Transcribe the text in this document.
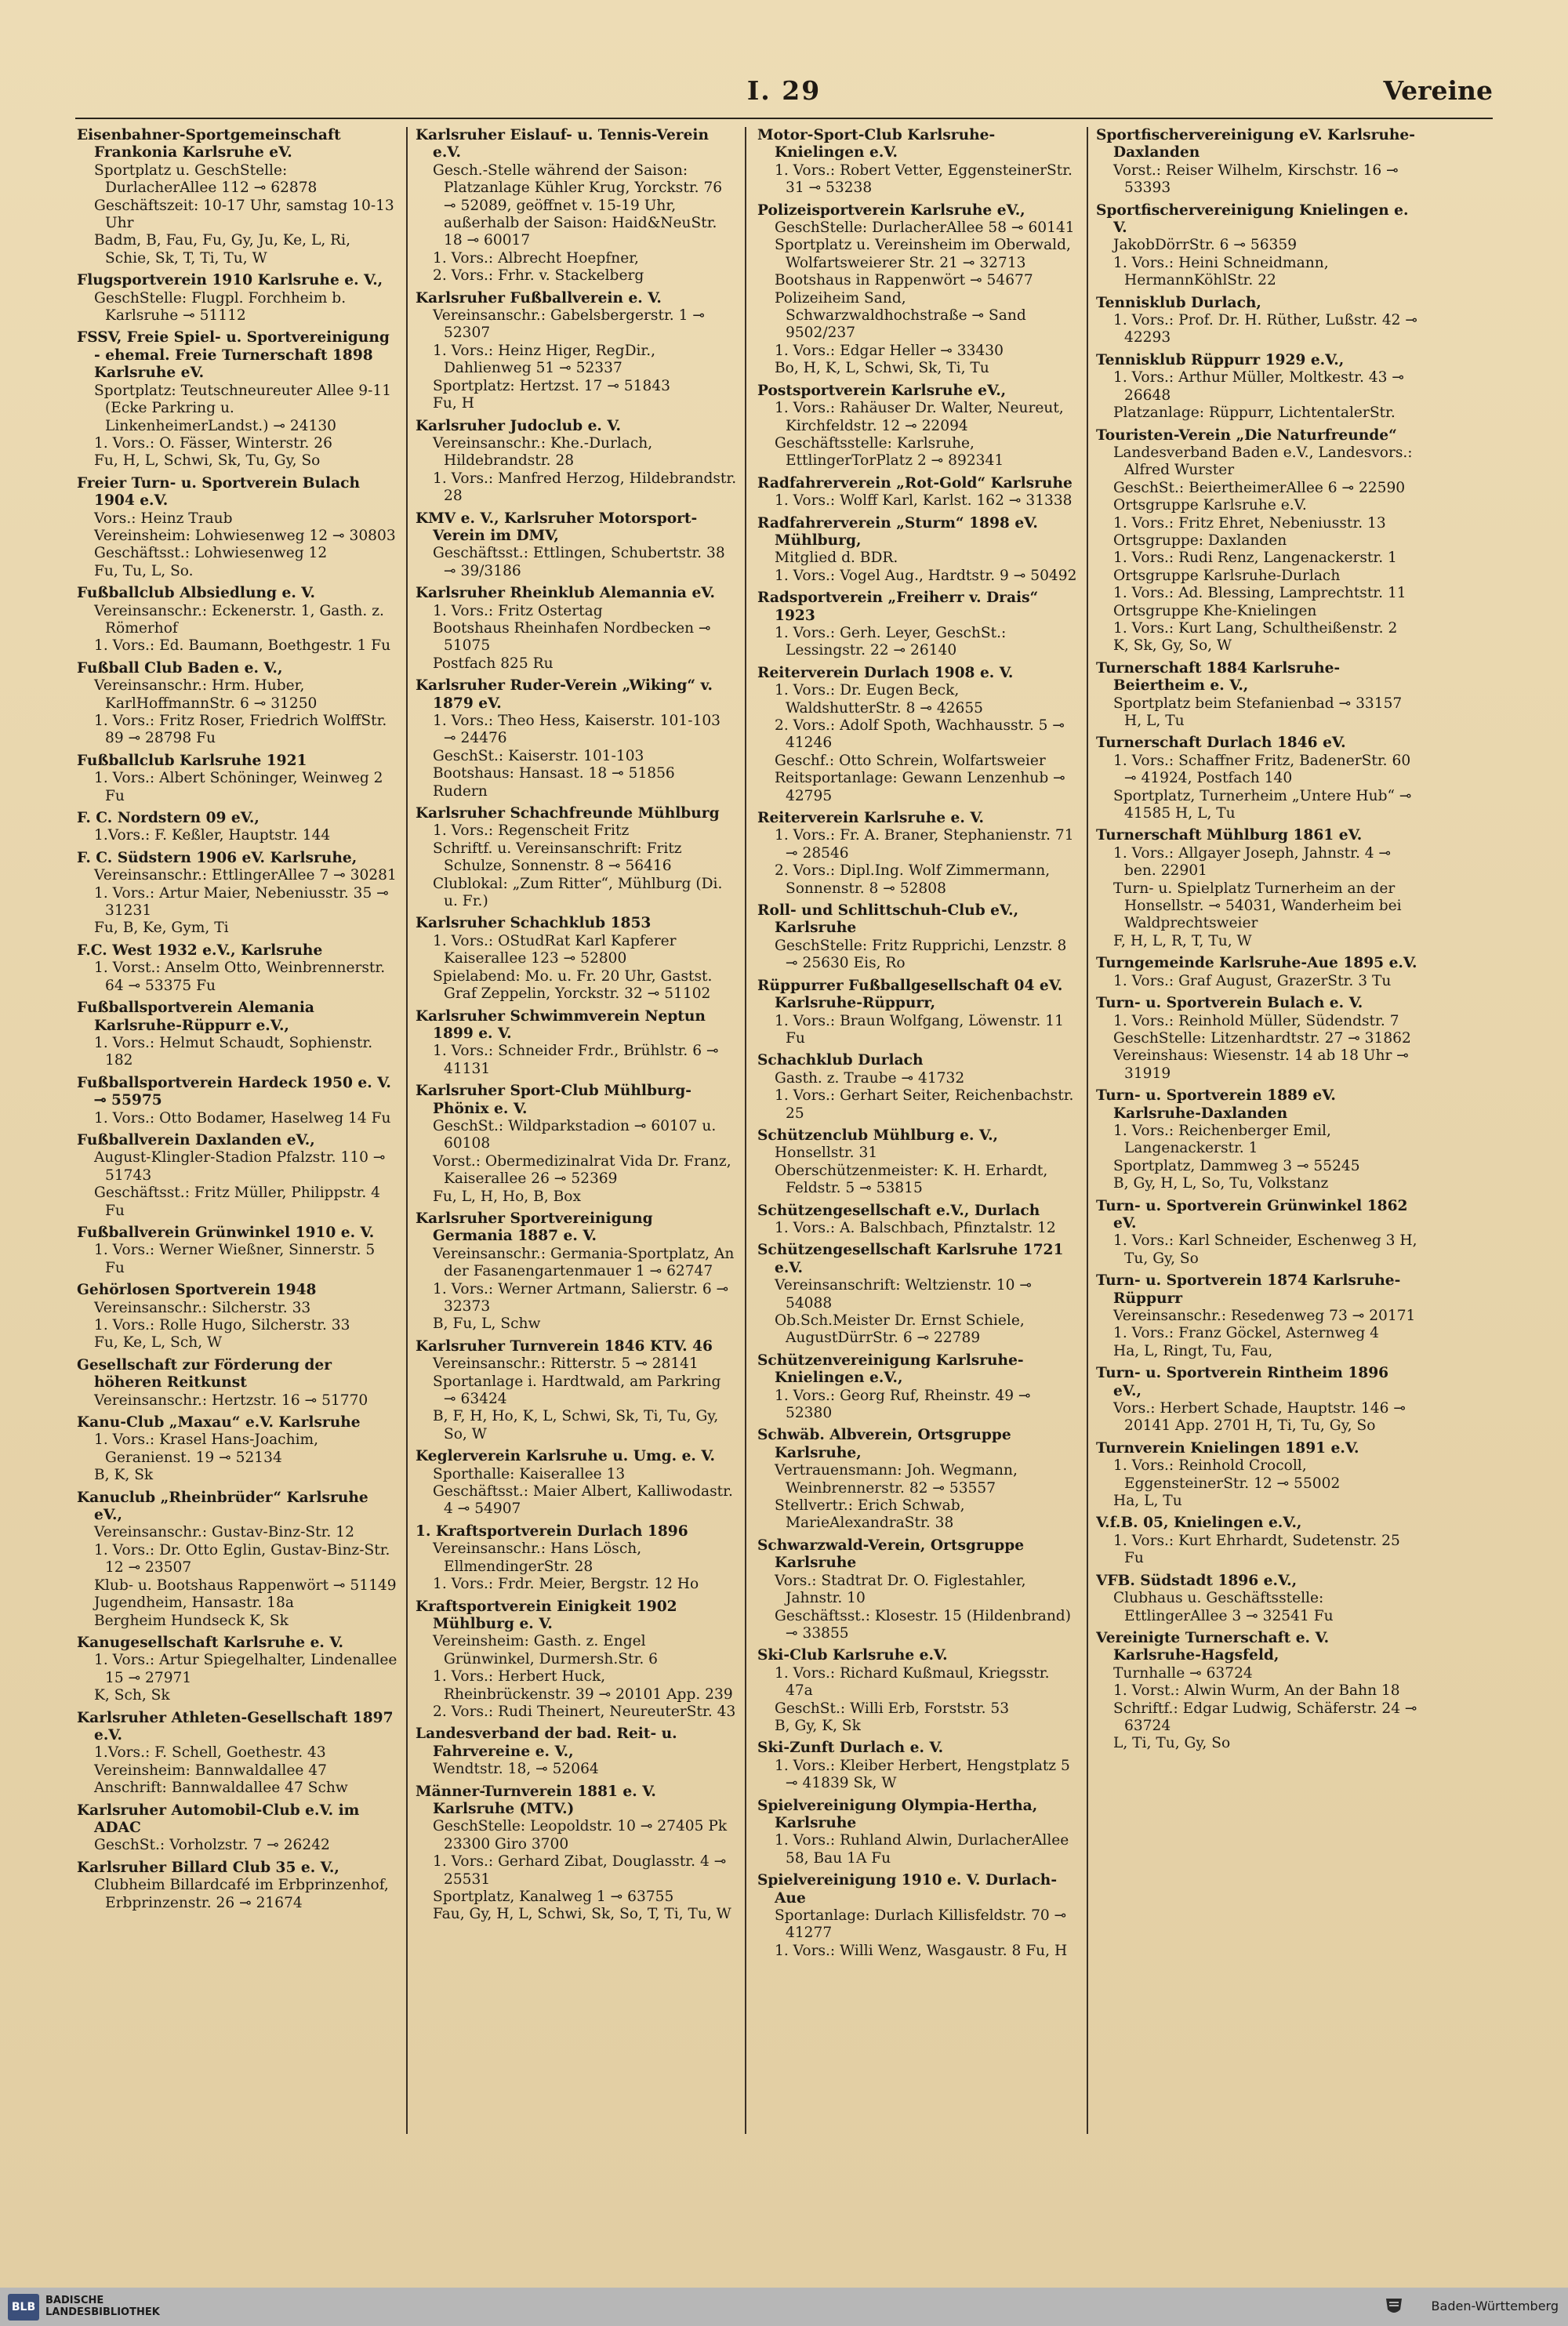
I. 29	Vereine
Eisenbahner-Sportgemeinschaft Frankonia Karlsruhe eV.
Sportplatz u. GeschStelle: DurlacherAllee 112 ⊸ 62878
Geschäftszeit: 10-17 Uhr, samstag 10-13 Uhr
Badm, B, Fau, Fu, Gy, Ju, Ke, L, Ri, Schie, Sk, T, Ti, Tu, W
Flugsportverein 1910 Karlsruhe e. V.,
GeschStelle: Flugpl. Forchheim b. Karlsruhe ⊸ 51112
FSSV, Freie Spiel- u. Sportvereinigung - ehemal. Freie Turnerschaft 1898 Karlsruhe eV.
Sportplatz: Teutschneureuter Allee 9-11 (Ecke Parkring u. LinkenheimerLandst.) ⊸ 24130
1. Vors.: O. Fässer, Winterstr. 26
Fu, H, L, Schwi, Sk, Tu, Gy, So
Freier Turn- u. Sportverein Bulach 1904 e.V.
Vors.: Heinz Traub
Vereinsheim: Lohwiesenweg 12 ⊸ 30803
Geschäftsst.: Lohwiesenweg 12
Fu, Tu, L, So.
Fußballclub Albsiedlung e. V.
Vereinsanschr.: Eckenerstr. 1, Gasth. z. Römerhof
1. Vors.: Ed. Baumann, Boethgestr. 1 Fu
Fußball Club Baden e. V.,
Vereinsanschr.: Hrm. Huber, KarlHoffmannStr. 6 ⊸ 31250
1. Vors.: Fritz Roser, Friedrich WolffStr. 89 ⊸ 28798 Fu
Fußballclub Karlsruhe 1921
1. Vors.: Albert Schöninger, Weinweg 2 Fu
F. C. Nordstern 09 eV.,
1.Vors.: F. Keßler, Hauptstr. 144
F. C. Südstern 1906 eV. Karlsruhe,
Vereinsanschr.: EttlingerAllee 7 ⊸ 30281
1. Vors.: Artur Maier, Nebeniusstr. 35 ⊸ 31231
Fu, B, Ke, Gym, Ti
F.C. West 1932 e.V., Karlsruhe
1. Vorst.: Anselm Otto, Weinbrennerstr. 64 ⊸ 53375 Fu
Fußballsportverein Alemania Karlsruhe-Rüppurr e.V.,
1. Vors.: Helmut Schaudt, Sophienstr. 182
Fußballsportverein Hardeck 1950 e. V. ⊸ 55975
1. Vors.: Otto Bodamer, Haselweg 14 Fu
Fußballverein Daxlanden eV.,
August-Klingler-Stadion Pfalzstr. 110 ⊸ 51743
Geschäftsst.: Fritz Müller, Philippstr. 4 Fu
Fußballverein Grünwinkel 1910 e. V.
1. Vors.: Werner Wießner, Sinnerstr. 5 Fu
Gehörlosen Sportverein 1948
Vereinsanschr.: Silcherstr. 33
1. Vors.: Rolle Hugo, Silcherstr. 33
Fu, Ke, L, Sch, W
Gesellschaft zur Förderung der höheren Reitkunst
Vereinsanschr.: Hertzstr. 16 ⊸ 51770
Kanu-Club „Maxau“ e.V. Karlsruhe
1. Vors.: Krasel Hans-Joachim, Geranienst. 19 ⊸ 52134
B, K, Sk
Kanuclub „Rheinbrüder“ Karlsruhe eV.,
Vereinsanschr.: Gustav-Binz-Str. 12
1. Vors.: Dr. Otto Eglin, Gustav-Binz-Str. 12 ⊸ 23507
Klub- u. Bootshaus Rappenwört ⊸ 51149
Jugendheim, Hansastr. 18a
Bergheim Hundseck K, Sk
Kanugesellschaft Karlsruhe e. V.
1. Vors.: Artur Spiegelhalter, Lindenallee 15 ⊸ 27971
K, Sch, Sk
Karlsruher Athleten-Gesellschaft 1897 e.V.
1.Vors.: F. Schell, Goethestr. 43
Vereinsheim: Bannwaldallee 47
Anschrift: Bannwaldallee 47 Schw
Karlsruher Automobil-Club e.V. im ADAC
GeschSt.: Vorholzstr. 7 ⊸ 26242
Karlsruher Billard Club 35 e. V.,
Clubheim Billardcafé im Erbprinzenhof, Erbprinzenstr. 26 ⊸ 21674
Karlsruher Eislauf- u. Tennis-Verein e.V.
Gesch.-Stelle während der Saison: Platzanlage Kühler Krug, Yorckstr. 76 ⊸ 52089, geöffnet v. 15-19 Uhr, außerhalb der Saison: Haid&NeuStr. 18 ⊸ 60017
1. Vors.: Albrecht Hoepfner,
2. Vors.: Frhr. v. Stackelberg
Karlsruher Fußballverein e. V.
Vereinsanschr.: Gabelsbergerstr. 1 ⊸ 52307
1. Vors.: Heinz Higer, RegDir., Dahlienweg 51 ⊸ 52337
Sportplatz: Hertzst. 17 ⊸ 51843
Fu, H
Karlsruher Judoclub e. V.
Vereinsanschr.: Khe.-Durlach, Hildebrandstr. 28
1. Vors.: Manfred Herzog, Hildebrandstr. 28
KMV e. V., Karlsruher Motorsport-Verein im DMV,
Geschäftsst.: Ettlingen, Schubertstr. 38 ⊸ 39/3186
Karlsruher Rheinklub Alemannia eV.
1. Vors.: Fritz Ostertag
Bootshaus Rheinhafen Nordbecken ⊸ 51075
Postfach 825 Ru
Karlsruher Ruder-Verein „Wiking“ v. 1879 eV.
1. Vors.: Theo Hess, Kaiserstr. 101-103 ⊸ 24476
GeschSt.: Kaiserstr. 101-103
Bootshaus: Hansast. 18 ⊸ 51856
Rudern
Karlsruher Schachfreunde Mühlburg
1. Vors.: Regenscheit Fritz
Schriftf. u. Vereinsanschrift: Fritz Schulze, Sonnenstr. 8 ⊸ 56416
Clublokal: „Zum Ritter“, Mühlburg (Di. u. Fr.)
Karlsruher Schachklub 1853
1. Vors.: OStudRat Karl Kapferer Kaiserallee 123 ⊸ 52800
Spielabend: Mo. u. Fr. 20 Uhr, Gastst. Graf Zeppelin, Yorckstr. 32 ⊸ 51102
Karlsruher Schwimmverein Neptun 1899 e. V.
1. Vors.: Schneider Frdr., Brühlstr. 6 ⊸ 41131
Karlsruher Sport-Club Mühlburg-Phönix e. V.
GeschSt.: Wildparkstadion ⊸ 60107 u. 60108
Vorst.: Obermedizinalrat Vida Dr. Franz, Kaiserallee 26 ⊸ 52369
Fu, L, H, Ho, B, Box
Karlsruher Sportvereinigung Germania 1887 e. V.
Vereinsanschr.: Germania-Sportplatz, An der Fasanengartenmauer 1 ⊸ 62747
1. Vors.: Werner Artmann, Salierstr. 6 ⊸ 32373
B, Fu, L, Schw
Karlsruher Turnverein 1846 KTV. 46
Vereinsanschr.: Ritterstr. 5 ⊸ 28141
Sportanlage i. Hardtwald, am Parkring ⊸ 63424
B, F, H, Ho, K, L, Schwi, Sk, Ti, Tu, Gy, So, W
Keglerverein Karlsruhe u. Umg. e. V.
Sporthalle: Kaiserallee 13
Geschäftsst.: Maier Albert, Kalliwodastr. 4 ⊸ 54907
1. Kraftsportverein Durlach 1896
Vereinsanschr.: Hans Lösch, EllmendingerStr. 28
1. Vors.: Frdr. Meier, Bergstr. 12 Ho
Kraftsportverein Einigkeit 1902 Mühlburg e. V.
Vereinsheim: Gasth. z. Engel Grünwinkel, Durmersh.Str. 6
1. Vors.: Herbert Huck, Rheinbrückenstr. 39 ⊸ 20101 App. 239
2. Vors.: Rudi Theinert, NeureuterStr. 43
Landesverband der bad. Reit- u. Fahrvereine e. V.,
Wendtstr. 18, ⊸ 52064
Männer-Turnverein 1881 e. V. Karlsruhe (MTV.)
GeschStelle: Leopoldstr. 10 ⊸ 27405 Pk 23300 Giro 3700
1. Vors.: Gerhard Zibat, Douglasstr. 4 ⊸ 25531
Sportplatz, Kanalweg 1 ⊸ 63755
Fau, Gy, H, L, Schwi, Sk, So, T, Ti, Tu, W
Motor-Sport-Club Karlsruhe-Knielingen e.V.
1. Vors.: Robert Vetter, EggensteinerStr. 31 ⊸ 53238
Polizeisportverein Karlsruhe eV.,
GeschStelle: DurlacherAllee 58 ⊸ 60141
Sportplatz u. Vereinsheim im Oberwald, Wolfartsweierer Str. 21 ⊸ 32713
Bootshaus in Rappenwört ⊸ 54677
Polizeiheim Sand, Schwarzwaldhochstraße ⊸ Sand 9502/237
1. Vors.: Edgar Heller ⊸ 33430
Bo, H, K, L, Schwi, Sk, Ti, Tu
Postsportverein Karlsruhe eV.,
1. Vors.: Rahäuser Dr. Walter, Neureut, Kirchfeldstr. 12 ⊸ 22094
Geschäftsstelle: Karlsruhe, EttlingerTorPlatz 2 ⊸ 892341
Radfahrerverein „Rot-Gold“ Karlsruhe
1. Vors.: Wolff Karl, Karlst. 162 ⊸ 31338
Radfahrerverein „Sturm“ 1898 eV. Mühlburg,
Mitglied d. BDR.
1. Vors.: Vogel Aug., Hardtstr. 9 ⊸ 50492
Radsportverein „Freiherr v. Drais“ 1923
1. Vors.: Gerh. Leyer, GeschSt.: Lessingstr. 22 ⊸ 26140
Reiterverein Durlach 1908 e. V.
1. Vors.: Dr. Eugen Beck, WaldshutterStr. 8 ⊸ 42655
2. Vors.: Adolf Spoth, Wachhausstr. 5 ⊸ 41246
Geschf.: Otto Schrein, Wolfartsweier
Reitsportanlage: Gewann Lenzenhub ⊸ 42795
Reiterverein Karlsruhe e. V.
1. Vors.: Fr. A. Braner, Stephanienstr. 71 ⊸ 28546
2. Vors.: Dipl.Ing. Wolf Zimmermann, Sonnenstr. 8 ⊸ 52808
Roll- und Schlittschuh-Club eV., Karlsruhe
GeschStelle: Fritz Rupprichi, Lenzstr. 8 ⊸ 25630 Eis, Ro
Rüppurrer Fußballgesellschaft 04 eV. Karlsruhe-Rüppurr,
1. Vors.: Braun Wolfgang, Löwenstr. 11 Fu
Schachklub Durlach
Gasth. z. Traube ⊸ 41732
1. Vors.: Gerhart Seiter, Reichenbachstr. 25
Schützenclub Mühlburg e. V.,
Honsellstr. 31
Oberschützenmeister: K. H. Erhardt, Feldstr. 5 ⊸ 53815
Schützengesellschaft e.V., Durlach
1. Vors.: A. Balschbach, Pfinztalstr. 12
Schützengesellschaft Karlsruhe 1721 e.V.
Vereinsanschrift: Weltzienstr. 10 ⊸ 54088
Ob.Sch.Meister Dr. Ernst Schiele, AugustDürrStr. 6 ⊸ 22789
Schützenvereinigung Karlsruhe-Knielingen e.V.,
1. Vors.: Georg Ruf, Rheinstr. 49 ⊸ 52380
Schwäb. Albverein, Ortsgruppe Karlsruhe,
Vertrauensmann: Joh. Wegmann, Weinbrennerstr. 82 ⊸ 53557
Stellvertr.: Erich Schwab, MarieAlexandraStr. 38
Schwarzwald-Verein, Ortsgruppe Karlsruhe
Vors.: Stadtrat Dr. O. Figlestahler, Jahnstr. 10
Geschäftsst.: Klosestr. 15 (Hildenbrand) ⊸ 33855
Ski-Club Karlsruhe e.V.
1. Vors.: Richard Kußmaul, Kriegsstr. 47a
GeschSt.: Willi Erb, Forststr. 53
B, Gy, K, Sk
Ski-Zunft Durlach e. V.
1. Vors.: Kleiber Herbert, Hengstplatz 5 ⊸ 41839 Sk, W
Spielvereinigung Olympia-Hertha, Karlsruhe
1. Vors.: Ruhland Alwin, DurlacherAllee 58, Bau 1A Fu
Spielvereinigung 1910 e. V. Durlach-Aue
Sportanlage: Durlach Killisfeldstr. 70 ⊸ 41277
1. Vors.: Willi Wenz, Wasgaustr. 8 Fu, H
Sportfischervereinigung eV. Karlsruhe-Daxlanden
Vorst.: Reiser Wilhelm, Kirschstr. 16 ⊸ 53393
Sportfischervereinigung Knielingen e. V.
JakobDörrStr. 6 ⊸ 56359
1. Vors.: Heini Schneidmann, HermannKöhlStr. 22
Tennisklub Durlach,
1. Vors.: Prof. Dr. H. Rüther, Lußstr. 42 ⊸ 42293
Tennisklub Rüppurr 1929 e.V.,
1. Vors.: Arthur Müller, Moltkestr. 43 ⊸ 26648
Platzanlage: Rüppurr, LichtentalerStr.
Touristen-Verein „Die Naturfreunde“
Landesverband Baden e.V., Landesvors.: Alfred Wurster
GeschSt.: BeiertheimerAllee 6 ⊸ 22590
Ortsgruppe Karlsruhe e.V.
1. Vors.: Fritz Ehret, Nebeniusstr. 13
Ortsgruppe: Daxlanden
1. Vors.: Rudi Renz, Langenackerstr. 1
Ortsgruppe Karlsruhe-Durlach
1. Vors.: Ad. Blessing, Lamprechtstr. 11
Ortsgruppe Khe-Knielingen
1. Vors.: Kurt Lang, Schultheißenstr. 2
K, Sk, Gy, So, W
Turnerschaft 1884 Karlsruhe-Beiertheim e. V.,
Sportplatz beim Stefanienbad ⊸ 33157 H, L, Tu
Turnerschaft Durlach 1846 eV.
1. Vors.: Schaffner Fritz, BadenerStr. 60 ⊸ 41924, Postfach 140
Sportplatz, Turnerheim „Untere Hub“ ⊸ 41585 H, L, Tu
Turnerschaft Mühlburg 1861 eV.
1. Vors.: Allgayer Joseph, Jahnstr. 4 ⊸ ben. 22901
Turn- u. Spielplatz Turnerheim an der Honsellstr. ⊸ 54031, Wanderheim bei Waldprechtsweier
F, H, L, R, T, Tu, W
Turngemeinde Karlsruhe-Aue 1895 e.V.
1. Vors.: Graf August, GrazerStr. 3 Tu
Turn- u. Sportverein Bulach e. V.
1. Vors.: Reinhold Müller, Südendstr. 7
GeschStelle: Litzenhardtstr. 27 ⊸ 31862
Vereinshaus: Wiesenstr. 14 ab 18 Uhr ⊸ 31919
Turn- u. Sportverein 1889 eV. Karlsruhe-Daxlanden
1. Vors.: Reichenberger Emil, Langenackerstr. 1
Sportplatz, Dammweg 3 ⊸ 55245
B, Gy, H, L, So, Tu, Volkstanz
Turn- u. Sportverein Grünwinkel 1862 eV.
1. Vors.: Karl Schneider, Eschenweg 3 H, Tu, Gy, So
Turn- u. Sportverein 1874 Karlsruhe-Rüppurr
Vereinsanschr.: Resedenweg 73 ⊸ 20171
1. Vors.: Franz Göckel, Asternweg 4
Ha, L, Ringt, Tu, Fau,
Turn- u. Sportverein Rintheim 1896 eV.,
Vors.: Herbert Schade, Hauptstr. 146 ⊸ 20141 App. 2701 H, Ti, Tu, Gy, So
Turnverein Knielingen 1891 e.V.
1. Vors.: Reinhold Crocoll, EggensteinerStr. 12 ⊸ 55002
Ha, L, Tu
V.f.B. 05, Knielingen e.V.,
1. Vors.: Kurt Ehrhardt, Sudetenstr. 25 Fu
VFB. Südstadt 1896 e.V.,
Clubhaus u. Geschäftsstelle: EttlingerAllee 3 ⊸ 32541 Fu
Vereinigte Turnerschaft e. V. Karlsruhe-Hagsfeld,
Turnhalle ⊸ 63724
1. Vorst.: Alwin Wurm, An der Bahn 18
Schriftf.: Edgar Ludwig, Schäferstr. 24 ⊸ 63724
L, Ti, Tu, Gy, So
BLB
BADISCHE
LANDESBIBLIOTHEK	Baden-Württemberg
